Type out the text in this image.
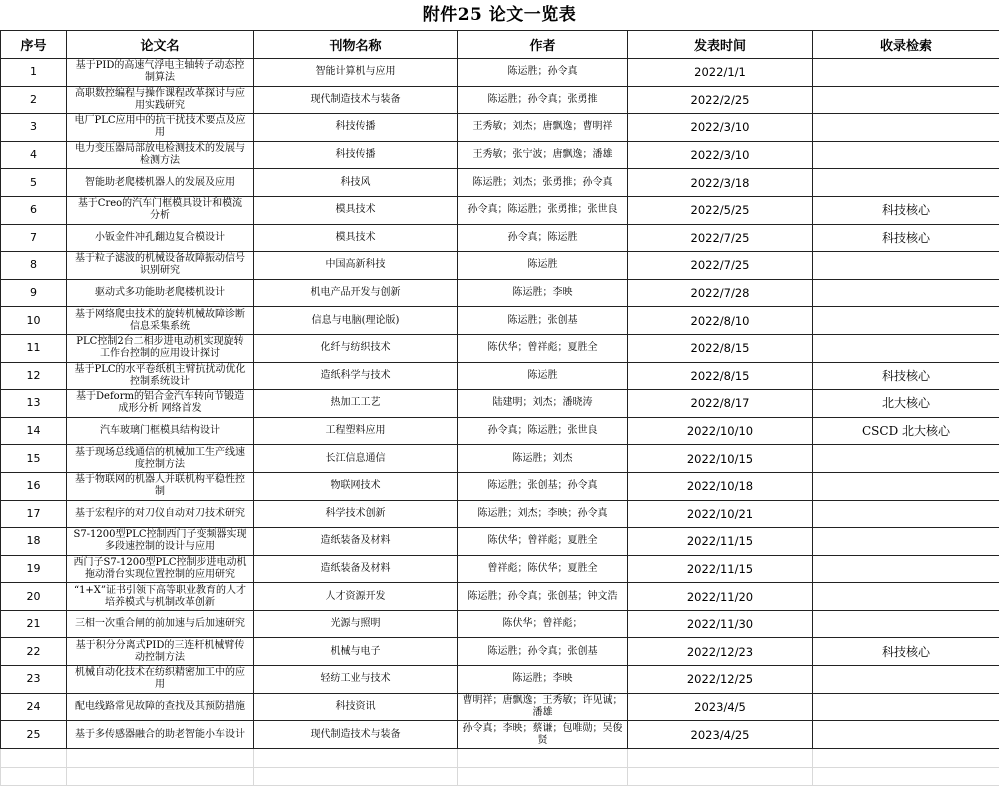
附件25 论文一览表
序号	论文名	刊物名称	作者	发表时间	收录检索
1	基于PID的高速气浮电主轴转子动态控制算法	智能计算机与应用	陈运胜；孙令真	2022/1/1	
2	高职数控编程与操作课程改革探讨与应用实践研究	现代制造技术与装备	陈运胜；孙令真；张勇推	2022/2/25	
3	电厂PLC应用中的抗干扰技术要点及应用	科技传播	王秀敏；刘杰；唐飘逸；曹明祥	2022/3/10	
4	电力变压器局部放电检测技术的发展与检测方法	科技传播	王秀敏；张宁波；唐飘逸；潘雄	2022/3/10	
5	智能助老爬楼机器人的发展及应用	科技风	陈运胜；刘杰；张勇推；孙令真	2022/3/18	
6	基于Creo的汽车门框模具设计和模流分析	模具技术	孙令真；陈运胜；张勇推；张世良	2022/5/25	科技核心
7	小钣金件冲孔翻边复合模设计	模具技术	孙令真；陈运胜	2022/7/25	科技核心
8	基于粒子滤波的机械设备故障振动信号识别研究	中国高新科技	陈运胜	2022/7/25	
9	驱动式多功能助老爬楼机设计	机电产品开发与创新	陈运胜；李映	2022/7/28	
10	基于网络爬虫技术的旋转机械故障诊断信息采集系统	信息与电脑(理论版)	陈运胜；张创基	2022/8/10	
11	PLC控制2台二相步进电动机实现旋转工作台控制的应用设计探讨	化纤与纺织技术	陈伏华；曾祥彪；夏胜全	2022/8/15	
12	基于PLC的水平卷纸机主臂抗扰动优化控制系统设计	造纸科学与技术	陈运胜	2022/8/15	科技核心
13	基于Deform的铝合金汽车转向节锻造成形分析 网络首发	热加工工艺	陆建明；刘杰；潘晓涛	2022/8/17	北大核心
14	汽车玻璃门框模具结构设计	工程塑料应用	孙令真；陈运胜；张世良	2022/10/10	CSCD 北大核心
15	基于现场总线通信的机械加工生产线速度控制方法	长江信息通信	陈运胜；刘杰	2022/10/15	
16	基于物联网的机器人并联机构平稳性控制	物联网技术	陈运胜；张创基；孙令真	2022/10/18	
17	基于宏程序的对刀仪自动对刀技术研究	科学技术创新	陈运胜；刘杰；李映；孙令真	2022/10/21	
18	S7-1200型PLC控制西门子变频器实现多段速控制的设计与应用	造纸装备及材料	陈伏华；曾祥彪；夏胜全	2022/11/15	
19	西门子S7-1200型PLC控制步进电动机拖动滑台实现位置控制的应用研究	造纸装备及材料	曾祥彪；陈伏华；夏胜全	2022/11/15	
20	“1+X”证书引领下高等职业教育的人才培养模式与机制改革创新	人才资源开发	陈运胜；孙令真；张创基；钟文浩	2022/11/20	
21	三相一次重合闸的前加速与后加速研究	光源与照明	陈伏华；曾祥彪；	2022/11/30	
22	基于积分分离式PID的三连杆机械臂传动控制方法	机械与电子	陈运胜；孙令真；张创基	2022/12/23	科技核心
23	机械自动化技术在纺织精密加工中的应用	轻纺工业与技术	陈运胜；李映	2022/12/25	
24	配电线路常见故障的查找及其预防措施	科技资讯	曹明祥；唐飘逸；王秀敏；许见诚；潘雄	2023/4/5	
25	基于多传感器融合的助老智能小车设计	现代制造技术与装备	孙令真；李映；蔡谦；包唯勋；吴俊贤	2023/4/25	
